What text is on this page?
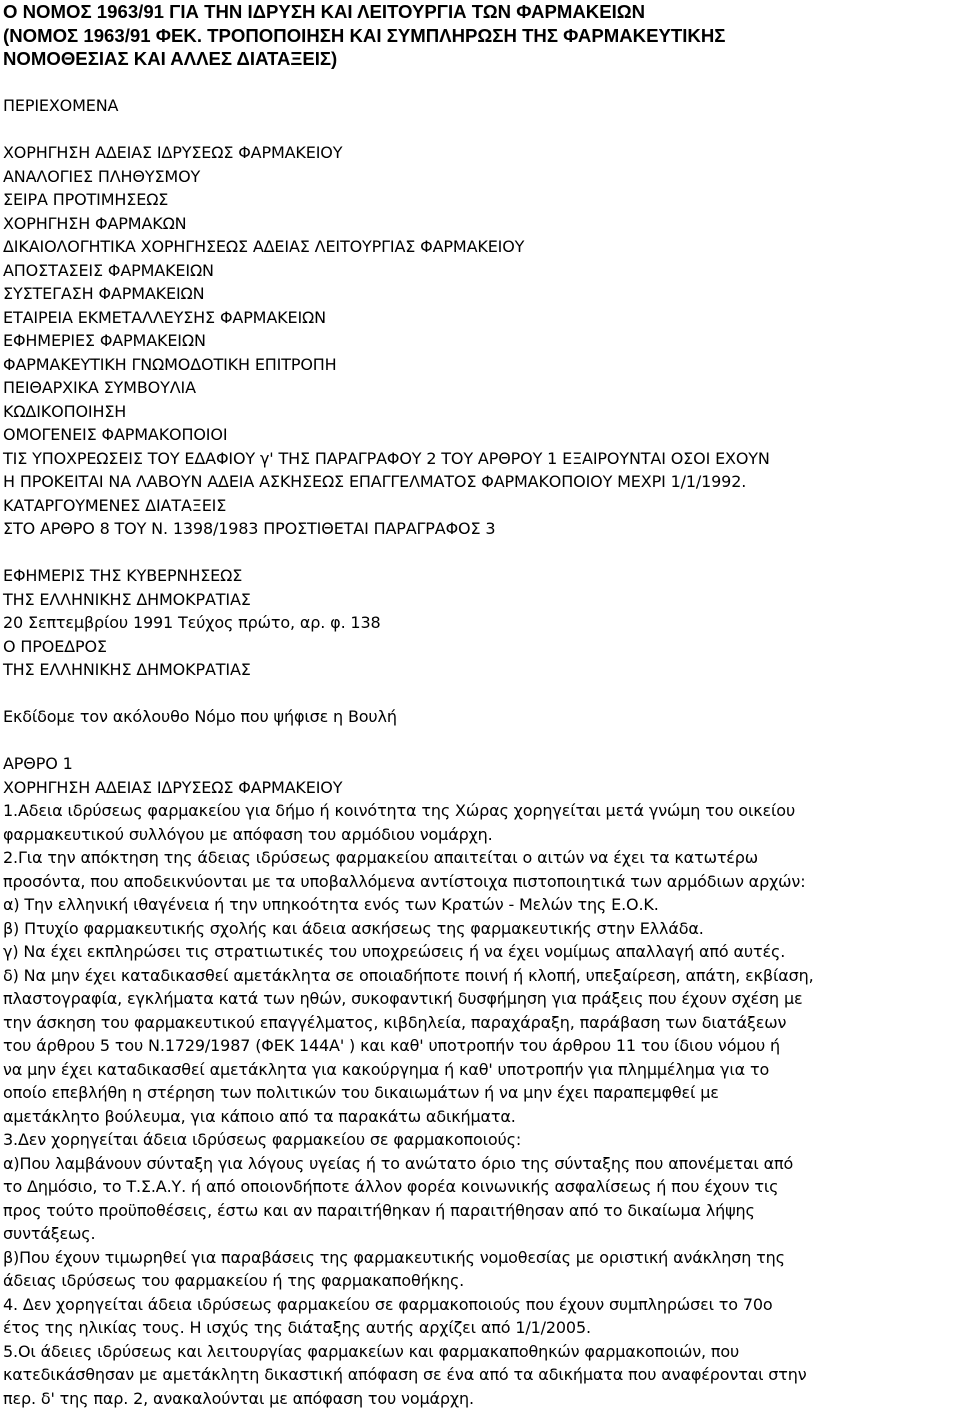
Ο ΝΟΜΟΣ 1963/91 ΓΙΑ ΤΗΝ ΙΔΡΥΣΗ ΚΑΙ ΛΕΙΤΟΥΡΓΙΑ ΤΩΝ ΦΑΡΜΑΚΕΙΩΝ
(ΝΟΜΟΣ 1963/91 ΦΕΚ. ΤΡΟΠΟΠΟΙΗΣΗ ΚΑΙ ΣΥΜΠΛΗΡΩΣΗ ΤΗΣ ΦΑΡΜΑΚΕΥΤΙΚΗΣ
ΝΟΜΟΘΕΣΙΑΣ ΚΑΙ ΑΛΛΕΣ ΔΙΑΤΑΞΕΙΣ)
ΠΕΡΙΕΧΟΜΕΝΑ
ΧΟΡΗΓΗΣΗ ΑΔΕΙΑΣ ΙΔΡΥΣΕΩΣ ΦΑΡΜΑΚΕΙΟΥ
ΑΝΑΛΟΓΙΕΣ ΠΛΗΘΥΣΜΟΥ
ΣΕΙΡΑ ΠΡΟΤΙΜΗΣΕΩΣ
ΧΟΡΗΓΗΣΗ ΦΑΡΜΑΚΩΝ
ΔΙΚΑΙΟΛΟΓΗΤΙΚΑ ΧΟΡΗΓΗΣΕΩΣ ΑΔΕΙΑΣ ΛΕΙΤΟΥΡΓΙΑΣ ΦΑΡΜΑΚΕΙΟΥ
ΑΠΟΣΤΑΣΕΙΣ ΦΑΡΜΑΚΕΙΩΝ
ΣΥΣΤΕΓΑΣΗ ΦΑΡΜΑΚΕΙΩΝ
ΕΤΑΙΡΕΙΑ ΕΚΜΕΤΑΛΛΕΥΣΗΣ ΦΑΡΜΑΚΕΙΩΝ
ΕΦΗΜΕΡΙΕΣ ΦΑΡΜΑΚΕΙΩΝ
ΦΑΡΜΑΚΕΥΤΙΚΗ ΓΝΩΜΟΔΟΤΙΚΗ ΕΠΙΤΡΟΠΗ
ΠΕΙΘΑΡΧΙΚΑ ΣΥΜΒΟΥΛΙΑ
ΚΩΔΙΚΟΠΟΙΗΣΗ
ΟΜΟΓΕΝΕΙΣ ΦΑΡΜΑΚΟΠΟΙΟΙ
ΤΙΣ ΥΠΟΧΡΕΩΣΕΙΣ ΤΟΥ ΕΔΑΦΙΟΥ γ' ΤΗΣ ΠΑΡΑΓΡΑΦΟΥ 2 ΤΟΥ ΑΡΘΡΟΥ 1 ΕΞΑΙΡΟΥΝΤΑΙ ΟΣΟΙ ΕΧΟΥΝ
Η ΠΡΟΚΕΙΤΑΙ ΝΑ ΛΑΒΟΥΝ ΑΔΕΙΑ ΑΣΚΗΣΕΩΣ ΕΠΑΓΓΕΛΜΑΤΟΣ ΦΑΡΜΑΚΟΠΟΙΟΥ ΜΕΧΡΙ 1/1/1992.
ΚΑΤΑΡΓΟΥΜΕΝΕΣ ΔΙΑΤΑΞΕΙΣ
ΣΤΟ ΑΡΘΡΟ 8 ΤΟΥ Ν. 1398/1983 ΠΡΟΣΤΙΘΕΤΑΙ ΠΑΡΑΓΡΑΦΟΣ 3
ΕΦΗΜΕΡΙΣ ΤΗΣ ΚΥΒΕΡΝΗΣΕΩΣ
ΤΗΣ ΕΛΛΗΝΙΚΗΣ ΔΗΜΟΚΡΑΤΙΑΣ
20 Σεπτεμβρίου 1991 Τεύχος πρώτο, αρ. φ. 138
Ο ΠΡΟΕΔΡΟΣ
ΤΗΣ ΕΛΛΗΝΙΚΗΣ ΔΗΜΟΚΡΑΤΙΑΣ
Εκδίδομε τον ακόλουθο Νόμο που ψήφισε η Βουλή
ΑΡΘΡΟ 1
ΧΟΡΗΓΗΣΗ ΑΔΕΙΑΣ ΙΔΡΥΣΕΩΣ ΦΑΡΜΑΚΕΙΟΥ
1.Αδεια ιδρύσεως φαρμακείου για δήμο ή κοινότητα της Χώρας χορηγείται μετά γνώμη του οικείου
φαρμακευτικού συλλόγου με απόφαση του αρμόδιου νομάρχη.
2.Για την απόκτηση της άδειας ιδρύσεως φαρμακείου απαιτείται ο αιτών να έχει τα κατωτέρω
προσόντα, που αποδεικνύονται με τα υποβαλλόμενα αντίστοιχα πιστοποιητικά των αρμόδιων αρχών:
α) Την ελληνική ιθαγένεια ή την υπηκοότητα ενός των Κρατών - Μελών της Ε.Ο.Κ.
β) Πτυχίο φαρμακευτικής σχολής και άδεια ασκήσεως της φαρμακευτικής στην Ελλάδα.
γ) Να έχει εκπληρώσει τις στρατιωτικές του υποχρεώσεις ή να έχει νομίμως απαλλαγή από αυτές.
δ) Να μην έχει καταδικασθεί αμετάκλητα σε οποιαδήποτε ποινή ή κλοπή, υπεξαίρεση, απάτη, εκβίαση,
πλαστογραφία, εγκλήματα κατά των ηθών, συκοφαντική δυσφήμηση για πράξεις που έχουν σχέση με
την άσκηση του φαρμακευτικού επαγγέλματος, κιβδηλεία, παραχάραξη, παράβαση των διατάξεων
του άρθρου 5 του Ν.1729/1987 (ΦΕΚ 144Α' ) και καθ' υποτροπήν του άρθρου 11 του ίδιου νόμου ή
να μην έχει καταδικασθεί αμετάκλητα για κακούργημα ή καθ' υποτροπήν για πλημμέλημα για το
οποίο επεβλήθη η στέρηση των πολιτικών του δικαιωμάτων ή να μην έχει παραπεμφθεί με
αμετάκλητο βούλευμα, για κάποιο από τα παρακάτω αδικήματα.
3.Δεν χορηγείται άδεια ιδρύσεως φαρμακείου σε φαρμακοποιούς:
α)Που λαμβάνουν σύνταξη για λόγους υγείας ή το ανώτατο όριο της σύνταξης που απονέμεται από
το Δημόσιο, το Τ.Σ.Α.Υ. ή από οποιονδήποτε άλλον φορέα κοινωνικής ασφαλίσεως ή που έχουν τις
προς τούτο προϋποθέσεις, έστω και αν παραιτήθηκαν ή παραιτήθησαν από το δικαίωμα λήψης
συντάξεως.
β)Που έχουν τιμωρηθεί για παραβάσεις της φαρμακευτικής νομοθεσίας με οριστική ανάκληση της
άδειας ιδρύσεως του φαρμακείου ή της φαρμακαποθήκης.
4. Δεν χορηγείται άδεια ιδρύσεως φαρμακείου σε φαρμακοποιούς που έχουν συμπληρώσει το 70ο
έτος της ηλικίας τους. Η ισχύς της διάταξης αυτής αρχίζει από 1/1/2005.
5.Οι άδειες ιδρύσεως και λειτουργίας φαρμακείων και φαρμακαποθηκών φαρμακοποιών, που
κατεδικάσθησαν με αμετάκλητη δικαστική απόφαση σε ένα από τα αδικήματα που αναφέρονται στην
περ. δ' της παρ. 2, ανακαλούνται με απόφαση του νομάρχη.
